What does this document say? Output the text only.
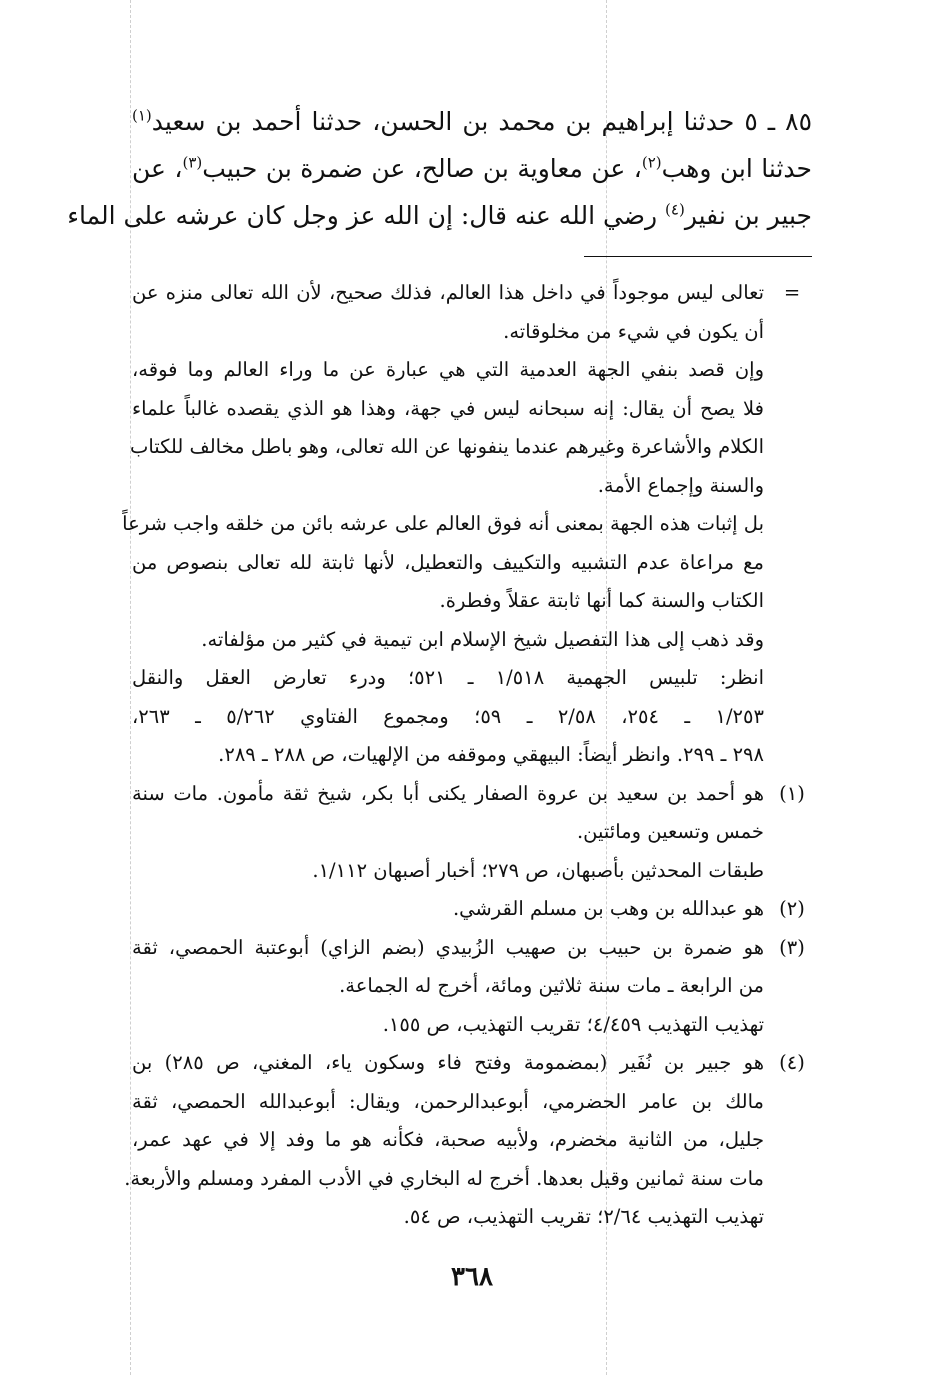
٨٥ ـ ٥ حدثنا إبراهيم بن محمد بن الحسن، حدثنا أحمد بن سعيد$^{(١)}$
حدثنا ابن وهب$^{(٢)}$، عن معاوية بن صالح، عن ضمرة بن حبيب$^{(٣)}$، عن
جبير بن نفير$^{(٤)}$ رضي الله عنه قال: إن الله عز وجل كان عرشه على الماء
=
تعالى ليس موجوداً في داخل هذا العالم، فذلك صحيح، لأن الله تعالى منزه عن
أن يكون في شيء من مخلوقاته.
وإن قصد بنفي الجهة العدمية التي هي عبارة عن ما وراء العالم وما فوقه،
فلا يصح أن يقال: إنه سبحانه ليس في جهة، وهذا هو الذي يقصده غالباً علماء
الكلام والأشاعرة وغيرهم عندما ينفونها عن الله تعالى، وهو باطل مخالف للكتاب
والسنة وإجماع الأمة.
بل إثبات هذه الجهة بمعنى أنه فوق العالم على عرشه بائن من خلقه واجب شرعاً
مع مراعاة عدم التشبيه والتكييف والتعطيل، لأنها ثابتة لله تعالى بنصوص من
الكتاب والسنة كما أنها ثابتة عقلاً وفطرة.
وقد ذهب إلى هذا التفصيل شيخ الإسلام ابن تيمية في كثير من مؤلفاته.
انظر: تلبيس الجهمية ١/٥١٨ ـ ٥٢١؛ ودرء تعارض العقل والنقل
١/٢٥٣ ـ ٢٥٤، ٢/٥٨ ـ ٥٩؛ ومجموع الفتاوي ٥/٢٦٢ ـ ٢٦٣،
٢٩٨ ـ ٢٩٩. وانظر أيضاً: البيهقي وموقفه من الإلهيات، ص ٢٨٨ ـ ٢٨٩.
(١)
هو أحمد بن سعيد بن عروة الصفار يكنى أبا بكر، شيخ ثقة مأمون. مات سنة
خمس وتسعين ومائتين.
طبقات المحدثين بأصبهان، ص ٢٧٩؛ أخبار أصبهان ١/١١٢.
(٢)
هو عبدالله بن وهب بن مسلم القرشي.
(٣)
هو ضمرة بن حبيب بن صهيب الزُبيدي (بضم الزاي) أبوعتبة الحمصي، ثقة
من الرابعة ـ مات سنة ثلاثين ومائة، أخرج له الجماعة.
تهذيب التهذيب ٤/٤٥٩؛ تقريب التهذيب، ص ١٥٥.
(٤)
هو جبير بن نُفَير (بمضمومة وفتح فاء وسكون ياء، المغني، ص ٢٨٥) بن
مالك بن عامر الحضرمي، أبوعبدالرحمن، ويقال: أبوعبدالله الحمصي، ثقة
جليل، من الثانية مخضرم، ولأبيه صحبة، فكأنه هو ما وفد إلا في عهد عمر،
مات سنة ثمانين وقيل بعدها. أخرج له البخاري في الأدب المفرد ومسلم والأربعة.
تهذيب التهذيب ٢/٦٤؛ تقريب التهذيب، ص ٥٤.
٣٦٨
